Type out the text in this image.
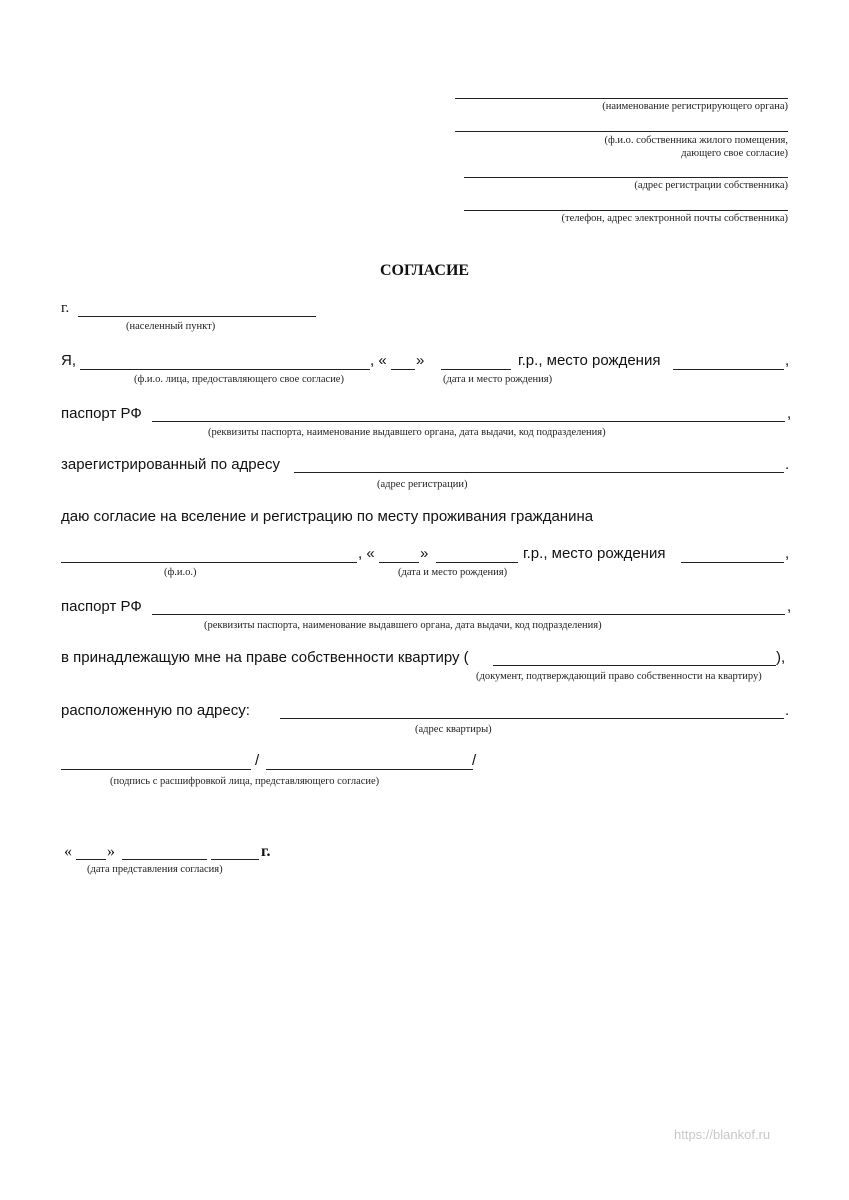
(наименование регистрирующего органа)
(ф.и.о. собственника жилого помещения,
дающего свое согласие)
(адрес регистрации собственника)
(телефон, адрес электронной почты собственника)
СОГЛАСИЕ
г.
(населенный пункт)
Я,	, « »	г.р., место рождения	,
(ф.и.о. лица, предоставляющего свое согласие)	(дата и место рождения)
паспорт РФ	,
(реквизиты паспорта, наименование выдавшего органа, дата выдачи, код подразделения)
зарегистрированный по адресу	.
(адрес регистрации)
даю согласие на вселение и регистрацию по месту проживания гражданина
, «	»	г.р., место рождения	,
(ф.и.о.)	(дата и место рождения)
паспорт РФ	,
(реквизиты паспорта, наименование выдавшего органа, дата выдачи, код подразделения)
в принадлежащую мне на праве собственности квартиру (	),
(документ, подтверждающий право собственности на квартиру)
расположенную по адресу:	.
(адрес квартиры)
/	/
(подпись с расшифровкой лица, представляющего согласие)
« »	г.
(дата представления согласия)
https://blankof.ru
